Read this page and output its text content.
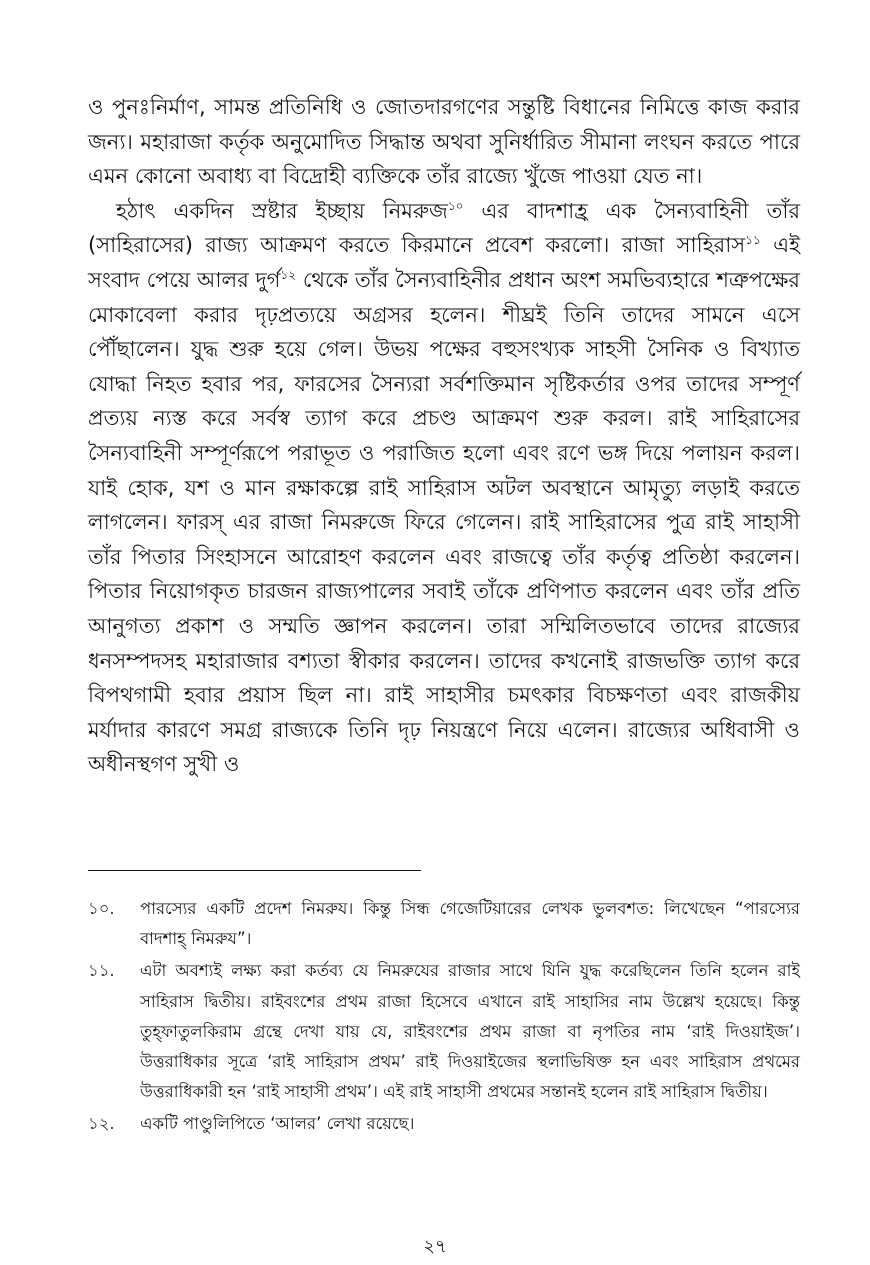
ও পুনঃনির্মাণ, সামন্ত প্রতিনিধি ও জোতদারগণের সন্তুষ্টি বিধানের নিমিত্তে কাজ করার জন্য। মহারাজা কর্তৃক অনুমোদিত সিদ্ধান্ত অথবা সুনির্ধারিত সীমানা লংঘন করতে পারে এমন কোনো অবাধ্য বা বিদ্রোহী ব্যক্তিকে তাঁর রাজ্যে খুঁজে পাওয়া যেত না।

হঠাৎ একদিন স্রষ্টার ইচ্ছায় নিমরুজ$^{১০}$ এর বাদশাহ্র এক সৈন্যবাহিনী তাঁর (সাহিরাসের) রাজ্য আক্রমণ করতে কিরমানে প্রবেশ করলো। রাজা সাহিরাস$^{১১}$ এই সংবাদ পেয়ে আলর দুর্গ$^{১২}$ থেকে তাঁর সৈন্যবাহিনীর প্রধান অংশ সমভিব্যহারে শত্রুপক্ষের মোকাবেলা করার দৃঢ়প্রত্যয়ে অগ্রসর হলেন। শীঘ্রই তিনি তাদের সামনে এসে পৌঁছালেন। যুদ্ধ শুরু হয়ে গেল। উভয় পক্ষের বহুসংখ্যক সাহসী সৈনিক ও বিখ্যাত যোদ্ধা নিহত হবার পর, ফারসের সৈন্যরা সর্বশক্তিমান সৃষ্টিকর্তার ওপর তাদের সম্পূর্ণ প্রত্যয় ন্যস্ত করে সর্বস্ব ত্যাগ করে প্রচণ্ড আক্রমণ শুরু করল। রাই সাহিরাসের সৈন্যবাহিনী সম্পূর্ণরূপে পরাভূত ও পরাজিত হলো এবং রণে ভঙ্গ দিয়ে পলায়ন করল। যাই হোক, যশ ও মান রক্ষাকল্পে রাই সাহিরাস অটল অবস্থানে আমৃত্যু লড়াই করতে লাগলেন। ফারস্ এর রাজা নিমরুজে ফিরে গেলেন। রাই সাহিরাসের পুত্র রাই সাহাসী তাঁর পিতার সিংহাসনে আরোহণ করলেন এবং রাজত্বে তাঁর কর্তৃত্ব প্রতিষ্ঠা করলেন। পিতার নিয়োগকৃত চারজন রাজ্যপালের সবাই তাঁকে প্রণিপাত করলেন এবং তাঁর প্রতি আনুগত্য প্রকাশ ও সম্মতি জ্ঞাপন করলেন। তারা সম্মিলিতভাবে তাদের রাজ্যের ধনসম্পদসহ মহারাজার বশ্যতা স্বীকার করলেন। তাদের কখনোই রাজভক্তি ত্যাগ করে বিপথগামী হবার প্রয়াস ছিল না। রাই সাহাসীর চমৎকার বিচক্ষণতা এবং রাজকীয় মর্যাদার কারণে সমগ্র রাজ্যকে তিনি দৃঢ় নিয়ন্ত্রণে নিয়ে এলেন। রাজ্যের অধিবাসী ও অধীনস্থগণ সুখী ও

১০.	পারস্যের একটি প্রদেশ নিমরুয। কিন্তু সিন্ধ গেজেটিয়ারের লেখক ভুলবশত: লিখেছেন “পারস্যের বাদশাহ্ নিমরুয”।
১১.	এটা অবশ্যই লক্ষ্য করা কর্তব্য যে নিমরুযের রাজার সাথে যিনি যুদ্ধ করেছিলেন তিনি হলেন রাই সাহিরাস দ্বিতীয়। রাইবংশের প্রথম রাজা হিসেবে এখানে রাই সাহাসির নাম উল্লেখ হয়েছে। কিন্তু তুহ্ফাতুলকিরাম গ্রন্থে দেখা যায় যে, রাইবংশের প্রথম রাজা বা নৃপতির নাম ‘রাই দিওয়াইজ’। উত্তরাধিকার সূত্রে ‘রাই সাহিরাস প্রথম’ রাই দিওয়াইজের স্থলাভিষিক্ত হন এবং সাহিরাস প্রথমের উত্তরাধিকারী হন ‘রাই সাহাসী প্রথম’। এই রাই সাহাসী প্রথমের সন্তানই হলেন রাই সাহিরাস দ্বিতীয়।
১২.	একটি পাণ্ডুলিপিতে ‘আলর’ লেখা রয়েছে।
২৭
